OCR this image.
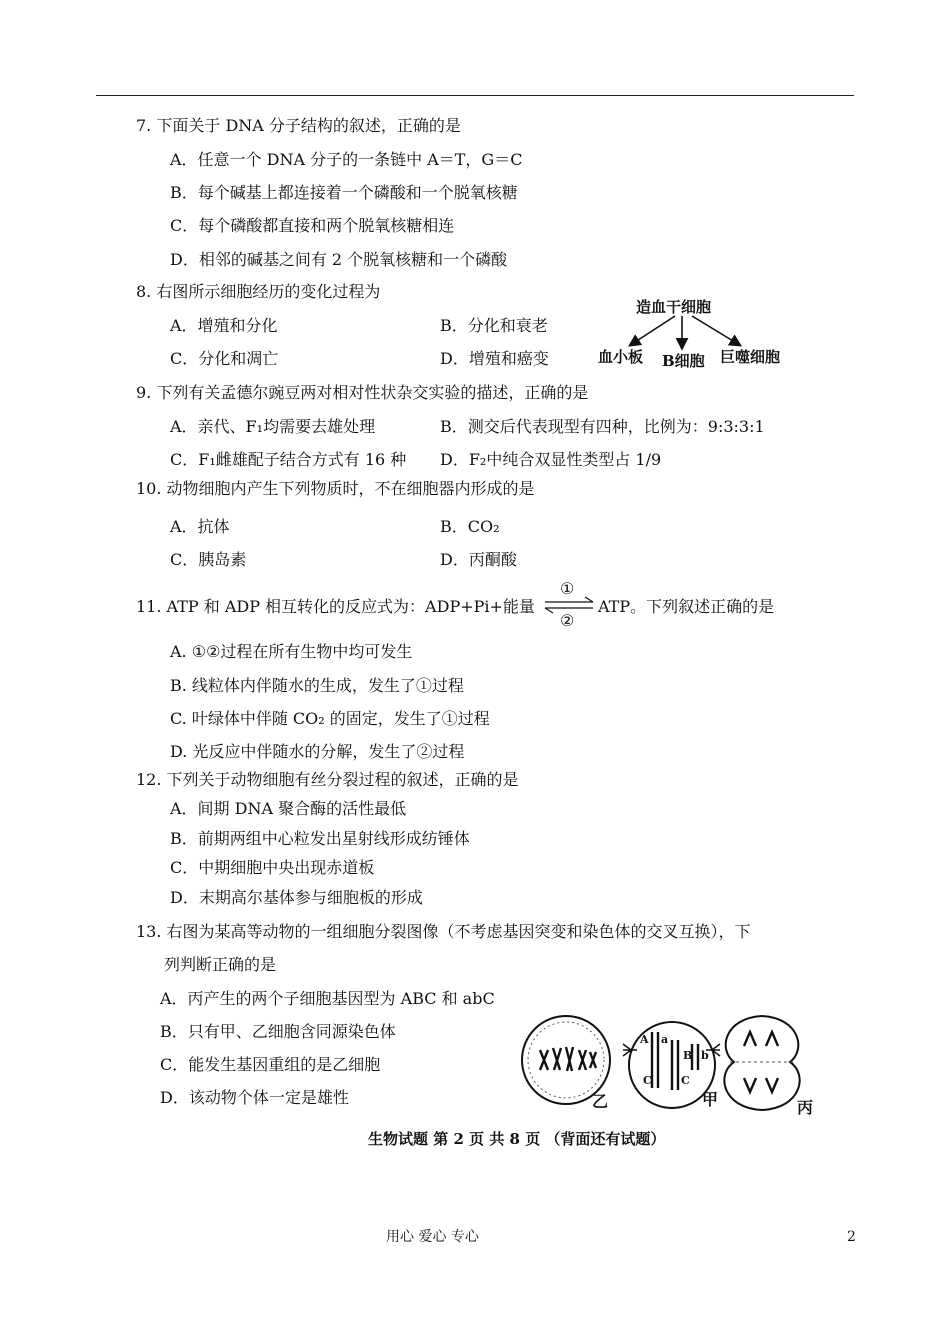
7. 下面关于 DNA 分子结构的叙述，正确的是
A．任意一个 DNA 分子的一条链中 A＝T，G＝C
B．每个碱基上都连接着一个磷酸和一个脱氧核糖
C．每个磷酸都直接和两个脱氧核糖相连
D．相邻的碱基之间有 2 个脱氧核糖和一个磷酸
8. 右图所示细胞经历的变化过程为
A．增殖和分化	B．分化和衰老
C．分化和凋亡	D．增殖和癌变
造血干细胞
血小板 B细胞 巨噬细胞
9. 下列有关孟德尔豌豆两对相对性状杂交实验的描述，正确的是
A．亲代、F₁均需要去雄处理	B．测交后代表现型有四种，比例为：9:3:3:1
C．F₁雌雄配子结合方式有 16 种 D．F₂中纯合双显性类型占 1/9
10. 动物细胞内产生下列物质时，不在细胞器内形成的是
A．抗体	B．CO₂
C．胰岛素	D．丙酮酸
11. ATP 和 ADP 相互转化的反应式为：ADP+Pi+能量
①
②
ATP。下列叙述正确的是
A. ①②过程在所有生物中均可发生
B. 线粒体内伴随水的生成，发生了①过程
C. 叶绿体中伴随 CO₂ 的固定，发生了①过程
D. 光反应中伴随水的分解，发生了②过程
12. 下列关于动物细胞有丝分裂过程的叙述，正确的是
A．间期 DNA 聚合酶的活性最低
B．前期两组中心粒发出星射线形成纺锤体
C．中期细胞中央出现赤道板
D．末期高尔基体参与细胞板的形成
13. 右图为某高等动物的一组细胞分裂图像（不考虑基因突变和染色体的交叉互换），下
列判断正确的是
A．丙产生的两个子细胞基因型为 ABC 和 abC
B．只有甲、乙细胞含同源染色体
C．能发生基因重组的是乙细胞
D．该动物个体一定是雄性
A a
B b
C	C
乙	甲	丙
生物试题 第 2 页 共 8 页 （背面还有试题）
用心 爱心 专心	2
